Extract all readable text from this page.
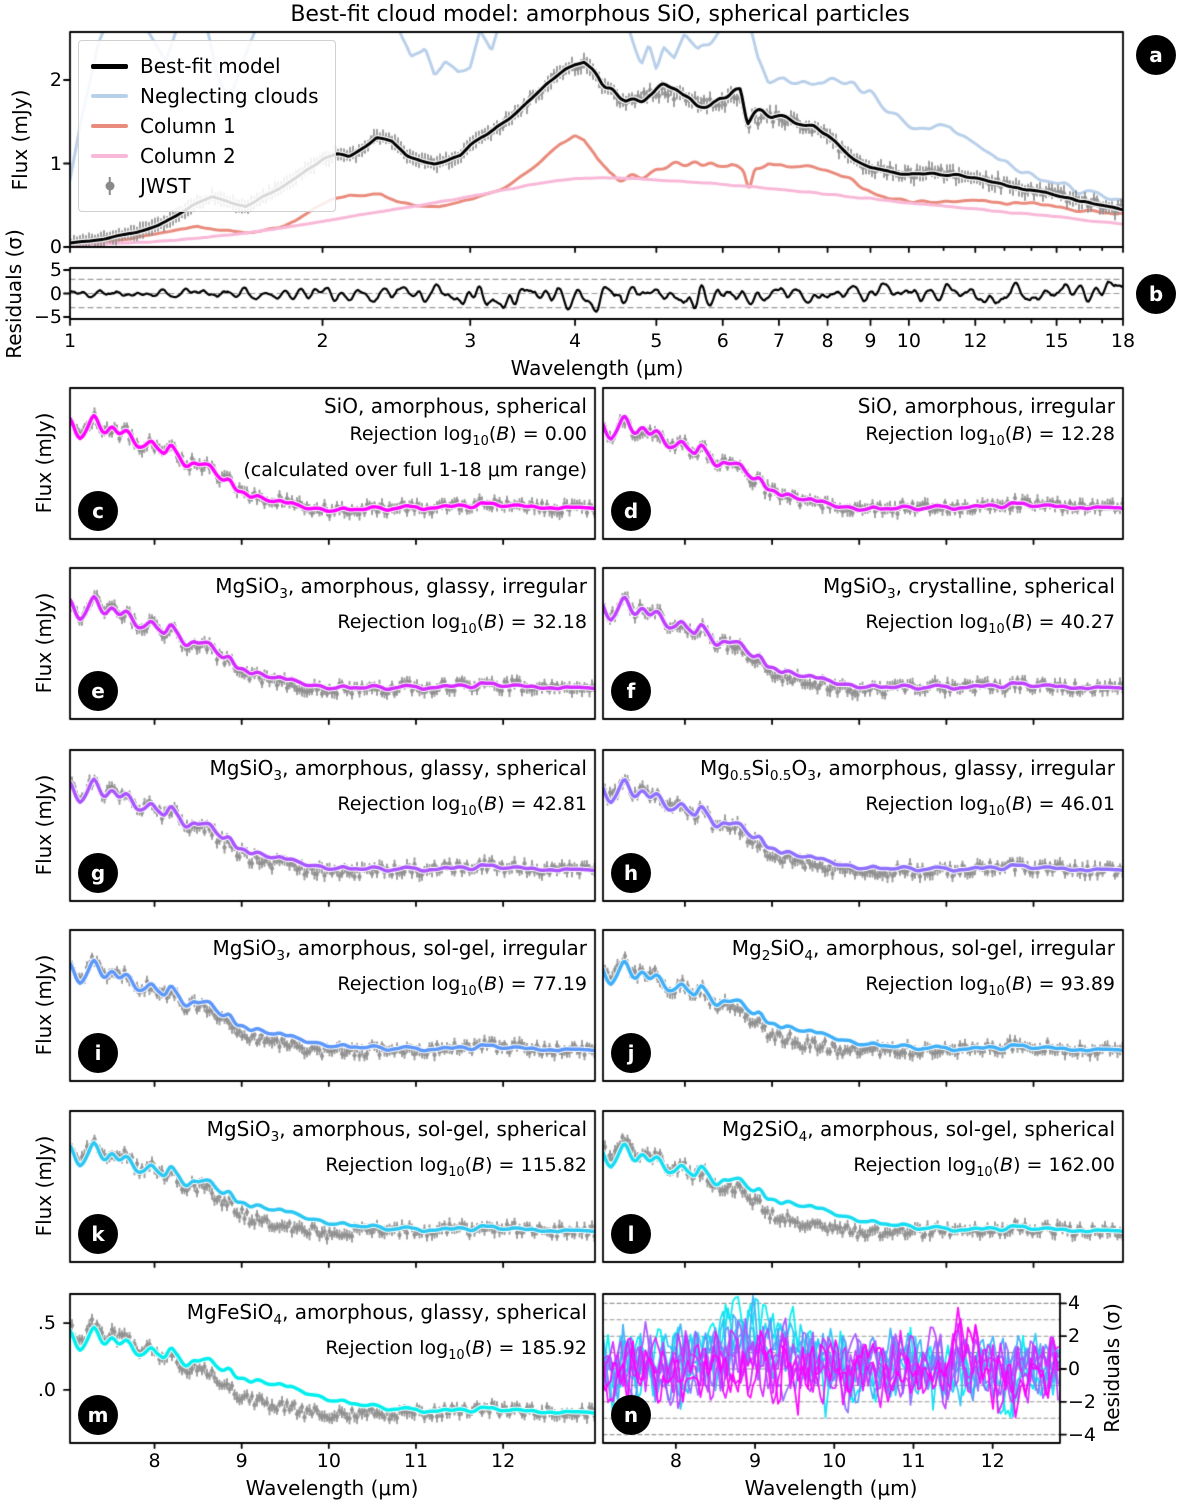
Best-fit cloud model: amorphous SiO, spherical particles
Best-fit model
Neglecting clouds
Column 1
Column 2
JWST
Flux (mJy)
Residuals (σ)
Wavelength (μm)
Flux (mJy)
Flux (mJy)
Flux (mJy)
Flux (mJy)
Flux (mJy)
Residuals (σ)
Wavelength (μm)	Wavelength (μm)
a
b
c	d
e	f
g	h
i	j
k	l
m	n
SiO, amorphous, spherical
Rejection $\log_{10}(B) = 0.00$
(calculated over full 1-18 μm range)
SiO, amorphous, irregular
Rejection $\log_{10}(B) = 12.28$
MgSiO$_3$, amorphous, glassy, irregular
Rejection $\log_{10}(B) = 32.18$
MgSiO$_3$, crystalline, spherical
Rejection $\log_{10}(B) = 40.27$
MgSiO$_3$, amorphous, glassy, spherical
Rejection $\log_{10}(B) = 42.81$
$Mg_{0.5}Si_{0.5}O_3$, amorphous, glassy, irregular
Rejection $\log_{10}(B) = 46.01$
MgSiO$_3$, amorphous, sol-gel, irregular
Rejection $\log_{10}(B) = 77.19$
$Mg_2SiO_4$, amorphous, sol-gel, irregular
Rejection $\log_{10}(B) = 93.89$
MgSiO$_3$, amorphous, sol-gel, spherical
Rejection $\log_{10}(B) = 115.82$
Mg2SiO$_4$, amorphous, sol-gel, spherical
Rejection $\log_{10}(B) = 162.00$
MgFeSiO$_4$, amorphous, glassy, spherical
Rejection $\log_{10}(B) = 185.92$
0
1
2
5
0
−5
1	2	3	4	5	6 7 8 9 10 12	15 18
8	8
9	9
10	10
11	11
12	12
.5
.0
4
2
0
−2
−4
